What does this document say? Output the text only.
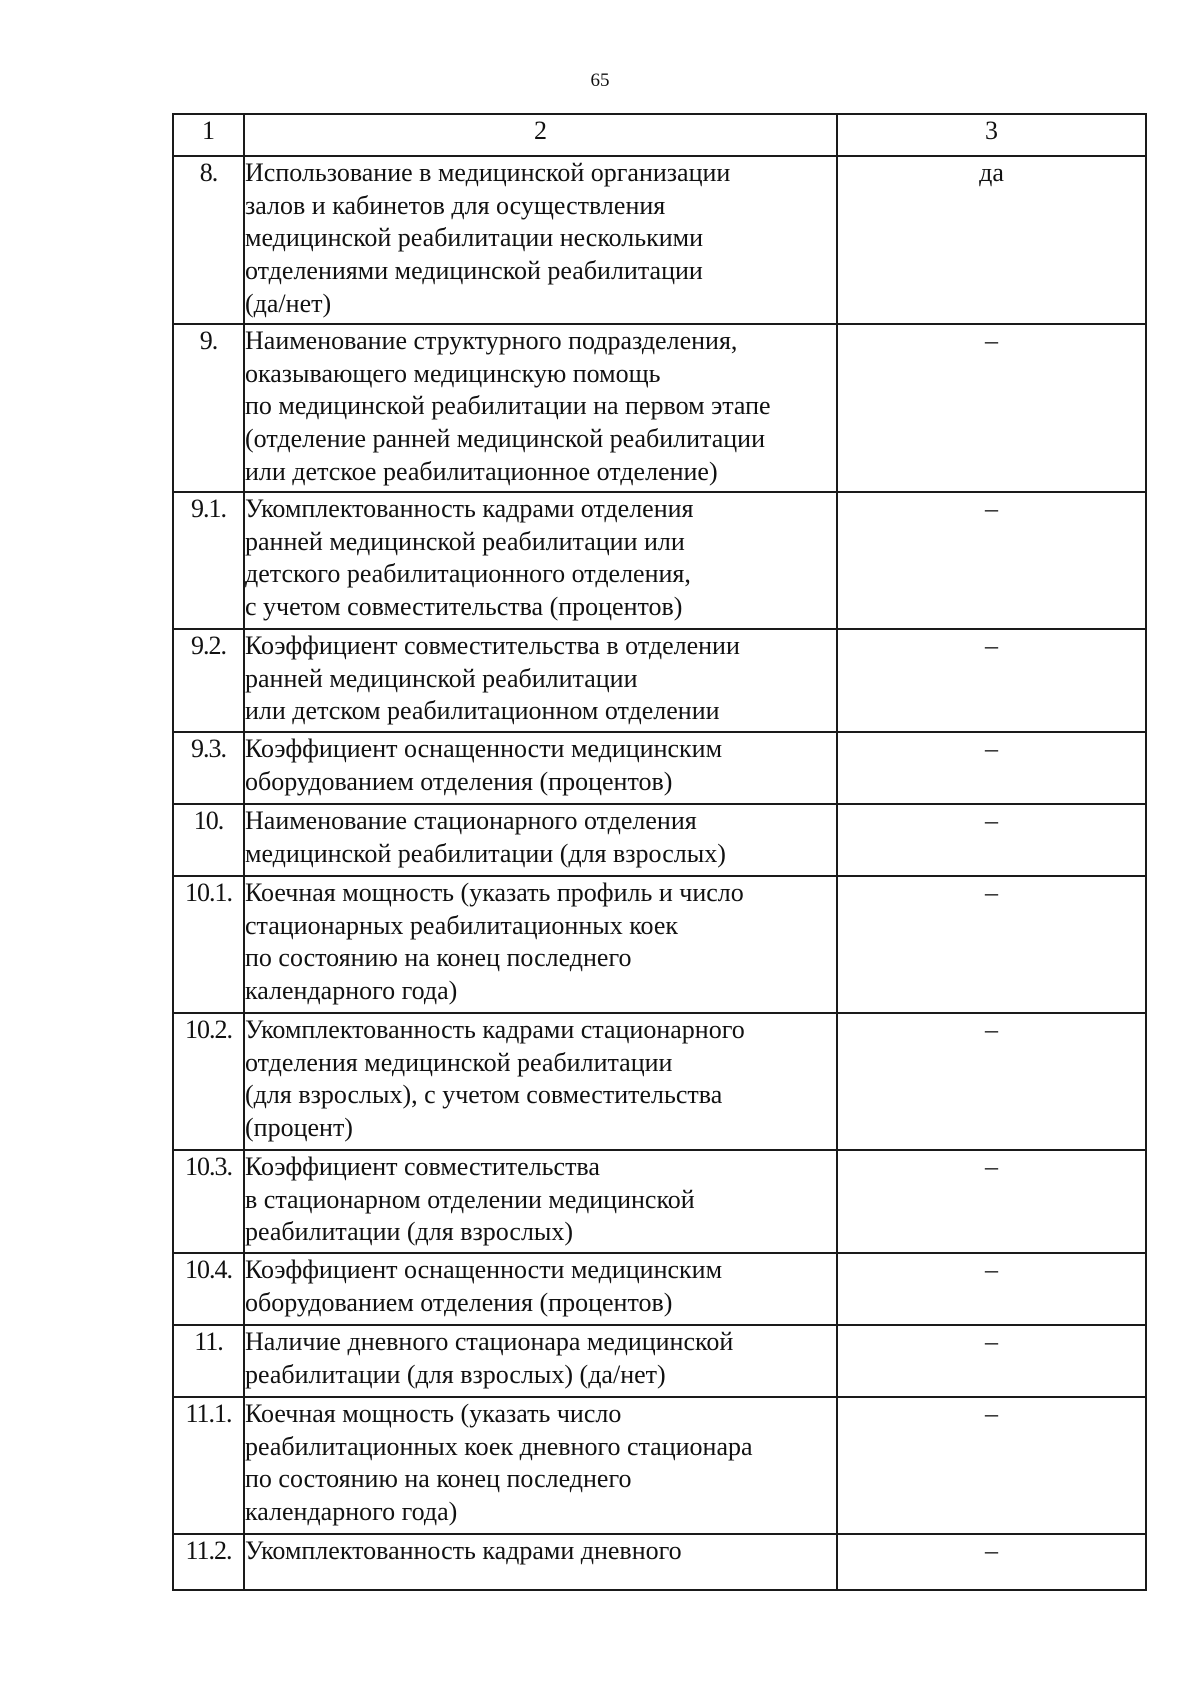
65
1	2	3
8.	Использование в медицинской организации
залов и кабинетов для осуществления
медицинской реабилитации несколькими
отделениями медицинской реабилитации
(да/нет)	да
9.	Наименование структурного подразделения,
оказывающего медицинскую помощь
по медицинской реабилитации на первом этапе
(отделение ранней медицинской реабилитации
или детское реабилитационное отделение)	–
9.1.	Укомплектованность кадрами отделения
ранней медицинской реабилитации или
детского реабилитационного отделения,
с учетом совместительства (процентов)	–
9.2.	Коэффициент совместительства в отделении
ранней медицинской реабилитации
или детском реабилитационном отделении	–
9.3.	Коэффициент оснащенности медицинским
оборудованием отделения (процентов)	–
10.	Наименование стационарного отделения
медицинской реабилитации (для взрослых)	–
10.1.	Коечная мощность (указать профиль и число
стационарных реабилитационных коек
по состоянию на конец последнего
календарного года)	–
10.2.	Укомплектованность кадрами стационарного
отделения медицинской реабилитации
(для взрослых), с учетом совместительства
(процент)	–
10.3.	Коэффициент совместительства
в стационарном отделении медицинской
реабилитации (для взрослых)	–
10.4.	Коэффициент оснащенности медицинским
оборудованием отделения (процентов)	–
11.	Наличие дневного стационара медицинской
реабилитации (для взрослых) (да/нет)	–
11.1.	Коечная мощность (указать число
реабилитационных коек дневного стационара
по состоянию на конец последнего
календарного года)	–
11.2.	Укомплектованность кадрами дневного	–
